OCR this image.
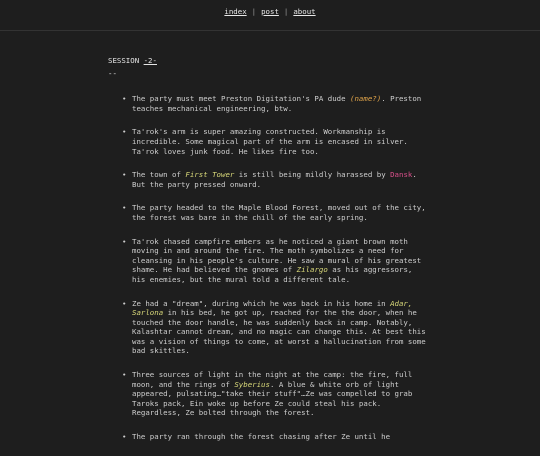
index | post | about
SESSION -2-
--
• The party must meet Preston Digitation's PA dude (name?). Preston teaches mechanical engineering, btw.
• Ta'rok's arm is super amazing constructed. Workmanship is incredible. Some magical part of the arm is encased in silver. Ta'rok loves junk food. He likes fire too.
• The town of First Tower is still being mildly harassed by Dansk. But the party pressed onward.
• The party headed to the Maple Blood Forest, moved out of the city, the forest was bare in the chill of the early spring.
• Ta'rok chased campfire embers as he noticed a giant brown moth moving in and around the fire. The moth symbolizes a need for cleansing in his people's culture. He saw a mural of his greatest shame. He had believed the gnomes of Zilargo as his aggressors, his enemies, but the mural told a different tale.
• Ze had a "dream", during which he was back in his home in Adar, Sarlona in his bed, he got up, reached for the the door, when he touched the door handle, he was suddenly back in camp. Notably, Kalashtar cannot dream, and no magic can change this. At best this was a vision of things to come, at worst a hallucination from some bad skittles.
• Three sources of light in the night at the camp: the fire, full moon, and the rings of Syberius. A blue & white orb of light appeared, pulsating…"take their stuff"…Ze was compelled to grab Taroks pack, Ein woke up before Ze could steal his pack. Regardless, Ze bolted through the forest.
• The party ran through the forest chasing after Ze until he
